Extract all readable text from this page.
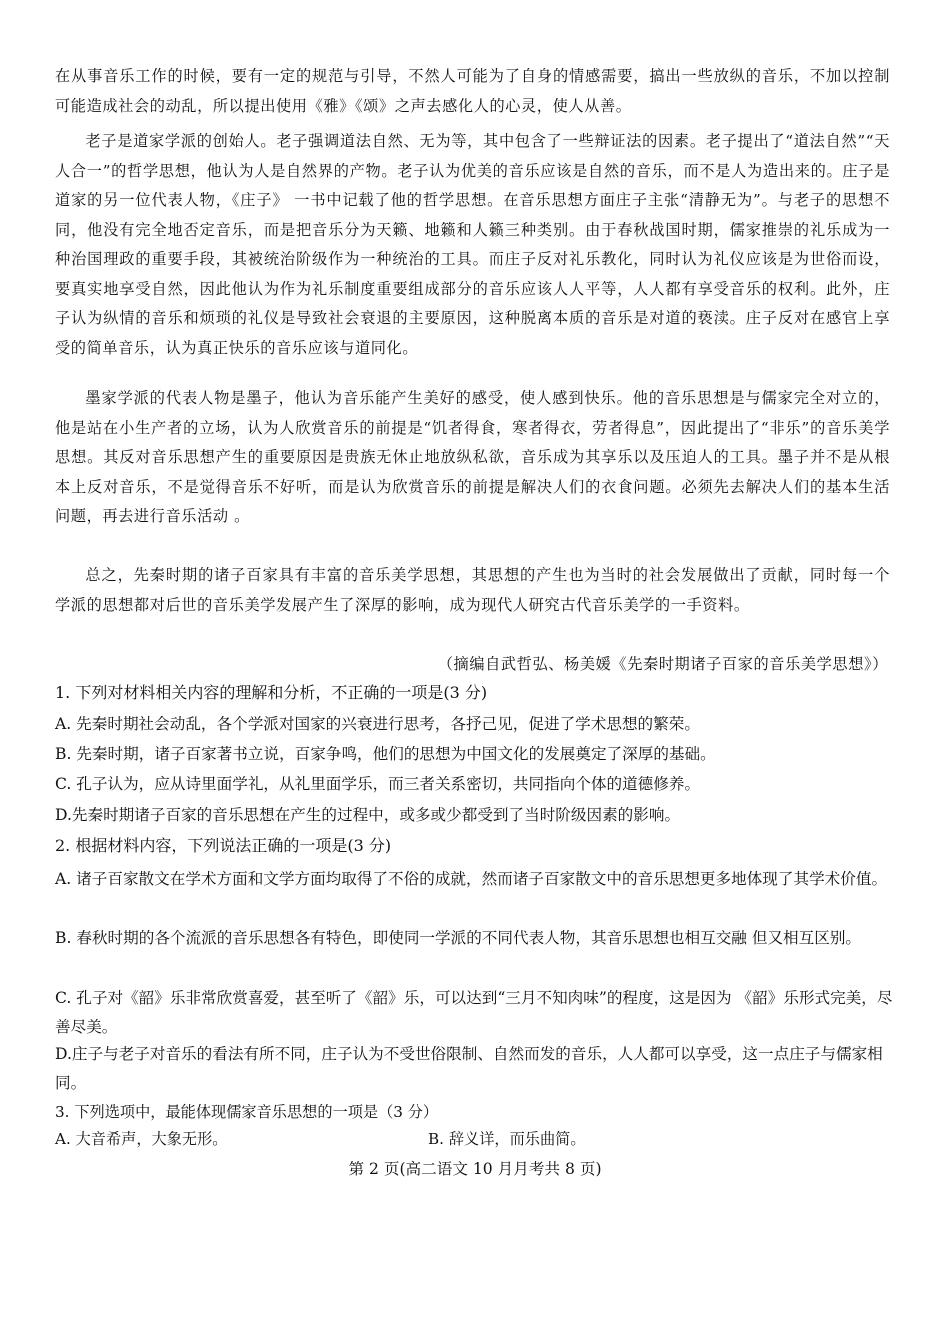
在从事音乐工作的时候，要有一定的规范与引导，不然人可能为了自身的情感需要，搞出一些放纵的音乐，不加以控制可能造成社会的动乱，所以提出使用《雅》《颂》之声去感化人的心灵，使人从善。

老子是道家学派的创始人。老子强调道法自然、无为等，其中包含了一些辩证法的因素。老子提出了“道法自然”“天人合一”的哲学思想，他认为人是自然界的产物。老子认为优美的音乐应该是自然的音乐，而不是人为造出来的。庄子是道家的另一位代表人物，《庄子》 一书中记载了他的哲学思想。在音乐思想方面庄子主张“清静无为”。与老子的思想不同，他没有完全地否定音乐，而是把音乐分为天籁、地籁和人籁三种类别。由于春秋战国时期，儒家推崇的礼乐成为一种治国理政的重要手段，其被统治阶级作为一种统治的工具。而庄子反对礼乐教化，同时认为礼仪应该是为世俗而设，要真实地享受自然，因此他认为作为礼乐制度重要组成部分的音乐应该人人平等，人人都有享受音乐的权利。此外，庄子认为纵情的音乐和烦琐的礼仪是导致社会衰退的主要原因，这种脱离本质的音乐是对道的亵渎。庄子反对在感官上享受的简单音乐，认为真正快乐的音乐应该与道同化。

墨家学派的代表人物是墨子，他认为音乐能产生美好的感受，使人感到快乐。他的音乐思想是与儒家完全对立的，他是站在小生产者的立场，认为人欣赏音乐的前提是“饥者得食，寒者得衣，劳者得息”，因此提出了“非乐”的音乐美学思想。其反对音乐思想产生的重要原因是贵族无休止地放纵私欲，音乐成为其享乐以及压迫人的工具。墨子并不是从根本上反对音乐，不是觉得音乐不好听，而是认为欣赏音乐的前提是解决人们的衣食问题。必须先去解决人们的基本生活问题，再去进行音乐活动 。

总之，先秦时期的诸子百家具有丰富的音乐美学思想，其思想的产生也为当时的社会发展做出了贡献，同时每一个学派的思想都对后世的音乐美学发展产生了深厚的影响，成为现代人研究古代音乐美学的一手资料。

（摘编自武哲弘、杨美媛《先秦时期诸子百家的音乐美学思想》）

1. 下列对材料相关内容的理解和分析，不正确的一项是(3 分)

A. 先秦时期社会动乱，各个学派对国家的兴衰进行思考，各抒己见，促进了学术思想的繁荣。

B. 先秦时期，诸子百家著书立说，百家争鸣，他们的思想为中国文化的发展奠定了深厚的基础。

C. 孔子认为，应从诗里面学礼，从礼里面学乐，而三者关系密切，共同指向个体的道德修养。

D.先秦时期诸子百家的音乐思想在产生的过程中，或多或少都受到了当时阶级因素的影响。

2. 根据材料内容，下列说法正确的一项是(3 分)

A. 诸子百家散文在学术方面和文学方面均取得了不俗的成就，然而诸子百家散文中的音乐思想更多地体现了其学术价值。

B. 春秋时期的各个流派的音乐思想各有特色，即使同一学派的不同代表人物，其音乐思想也相互交融 但又相互区别。

C. 孔子对《韶》乐非常欣赏喜爱，甚至听了《韶》乐，可以达到“三月不知肉味”的程度，这是因为 《韶》乐形式完美，尽善尽美。

D.庄子与老子对音乐的看法有所不同，庄子认为不受世俗限制、自然而发的音乐，人人都可以享受，这一点庄子与儒家相同。

3. 下列选项中，最能体现儒家音乐思想的一项是（3 分）

A. 大音希声，大象无形。	B. 辞义详，而乐曲简。

第 2 页(高二语文 10 月月考共 8 页)
